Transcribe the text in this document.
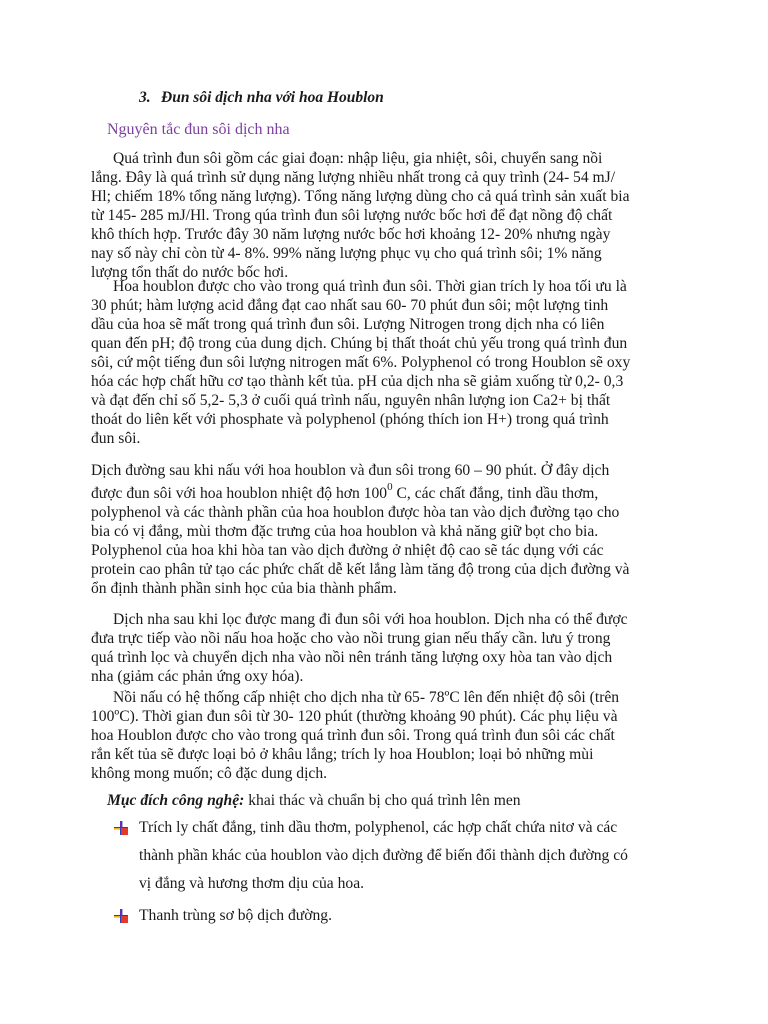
3. Đun sôi dịch nha với hoa Houblon
Nguyên tắc đun sôi dịch nha
Quá trình đun sôi gồm các giai đoạn: nhập liệu, gia nhiệt, sôi, chuyển sang nồi
lắng. Đây là quá trình sử dụng năng lượng nhiều nhất trong cả quy trình (24- 54 mJ/
Hl; chiếm 18% tổng năng lượng). Tổng năng lượng dùng cho cả quá trình sản xuất bia
từ 145- 285 mJ/Hl. Trong qúa trình đun sôi lượng nước bốc hơi để đạt nồng độ chất
khô thích hợp. Trước đây 30 năm lượng nước bốc hơi khoảng 12- 20% nhưng ngày
nay số này chỉ còn từ 4- 8%. 99% năng lượng phục vụ cho quá trình sôi; 1% năng
lượng tổn thất do nước bốc hơi.
Hoa houblon được cho vào trong quá trình đun sôi. Thời gian trích ly hoa tối ưu là
30 phút; hàm lượng acid đắng đạt cao nhất sau 60- 70 phút đun sôi; một lượng tinh
dầu của hoa sẽ mất trong quá trình đun sôi. Lượng Nitrogen trong dịch nha có liên
quan đến pH; độ trong của dung dịch. Chúng bị thất thoát chủ yếu trong quá trình đun
sôi, cứ một tiếng đun sôi lượng nitrogen mất 6%. Polyphenol có trong Houblon sẽ oxy
hóa các hợp chất hữu cơ tạo thành kết tủa. pH của dịch nha sẽ giảm xuống từ 0,2- 0,3
và đạt đến chỉ số 5,2- 5,3 ở cuối quá trình nấu, nguyên nhân lượng ion Ca2+ bị thất
thoát do liên kết với phosphate và polyphenol (phóng thích ion H+) trong quá trình
đun sôi.
Dịch đường sau khi nấu với hoa houblon và đun sôi trong 60 – 90 phút. Ở đây dịch
được đun sôi với hoa houblon nhiệt độ hơn $100^0$ C, các chất đắng, tinh dầu thơm,
polyphenol và các thành phần của hoa houblon được hòa tan vào dịch đường tạo cho
bia có vị đắng, mùi thơm đặc trưng của hoa houblon và khả năng giữ bọt cho bia.
Polyphenol của hoa khi hòa tan vào dịch đường ở nhiệt độ cao sẽ tác dụng với các
protein cao phân tử tạo các phức chất dễ kết lắng làm tăng độ trong của dịch đường và
ổn định thành phần sinh học của bia thành phẩm.
Dịch nha sau khi lọc được mang đi đun sôi với hoa houblon. Dịch nha có thể được
đưa trực tiếp vào nồi nấu hoa hoặc cho vào nồi trung gian nếu thấy cần. lưu ý trong
quá trình lọc và chuyển dịch nha vào nồi nên tránh tăng lượng oxy hòa tan vào dịch
nha (giảm các phản ứng oxy hóa).
Nồi nấu có hệ thống cấp nhiệt cho dịch nha từ 65- 78ºC lên đến nhiệt độ sôi (trên
100ºC). Thời gian đun sôi từ 30- 120 phút (thường khoảng 90 phút). Các phụ liệu và
hoa Houblon được cho vào trong quá trình đun sôi. Trong quá trình đun sôi các chất
rắn kết tủa sẽ được loại bỏ ở khâu lắng; trích ly hoa Houblon; loại bỏ những mùi
không mong muốn; cô đặc dung dịch.
Mục đích công nghệ: khai thác và chuẩn bị cho quá trình lên men
Trích ly chất đắng, tinh dầu thơm, polyphenol, các hợp chất chứa nitơ và các
thành phần khác của houblon vào dịch đường để biến đổi thành dịch đường có
vị đắng và hương thơm dịu của hoa.
Thanh trùng sơ bộ dịch đường.
